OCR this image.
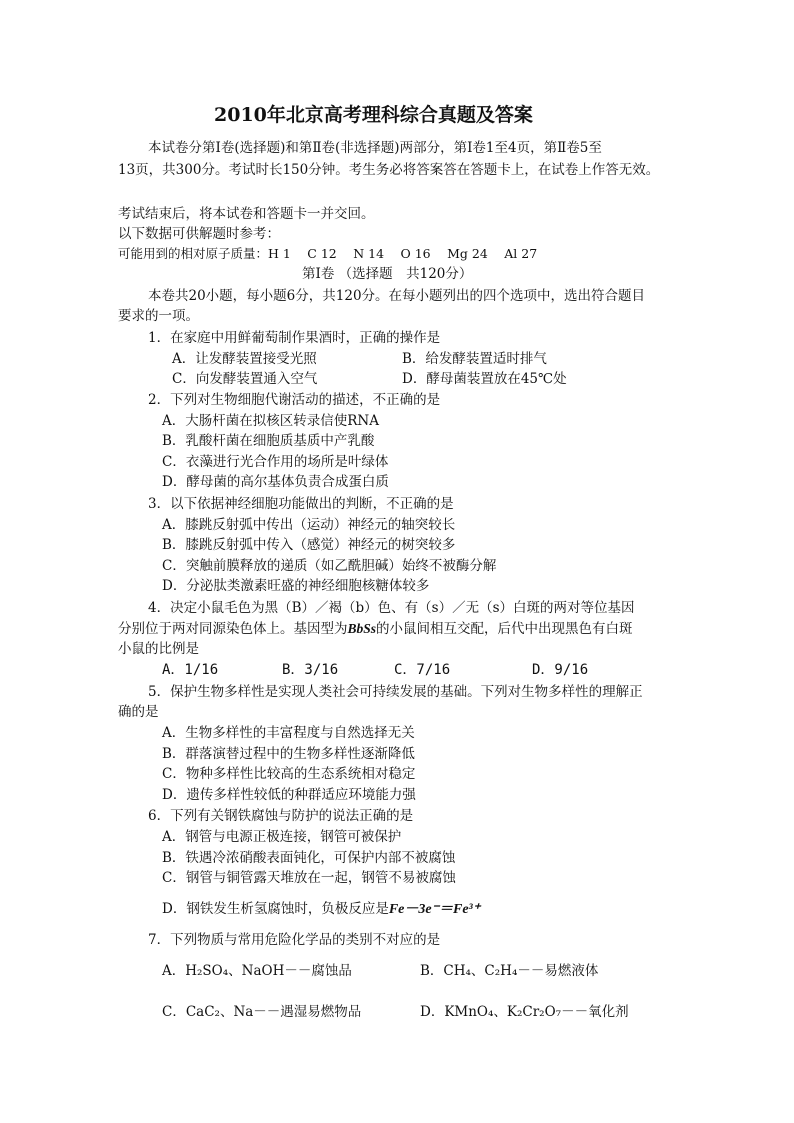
2010年北京高考理科综合真题及答案
本试卷分第Ⅰ卷(选择题)和第Ⅱ卷(非选择题)两部分，第Ⅰ卷1至4页，第Ⅱ卷5至
13页，共300分。考试时长150分钟。考生务必将答案答在答题卡上，在试卷上作答无效。
考试结束后，将本试卷和答题卡一并交回。
以下数据可供解题时参考：
可能用到的相对原子质量：H 1　 C 12　 N 14　 O 16　 Mg 24　 Al 27
第Ⅰ卷 （选择题　共120分）
本卷共20小题，每小题6分，共120分。在每小题列出的四个选项中，选出符合题目
要求的一项。
1．在家庭中用鲜葡萄制作果酒时，正确的操作是
A．让发酵装置接受光照	B．给发酵装置适时排气
C．向发酵装置通入空气	D．酵母菌装置放在45℃处
2．下列对生物细胞代谢活动的描述，不正确的是
A．大肠杆菌在拟核区转录信使RNA
B．乳酸杆菌在细胞质基质中产乳酸
C．衣藻进行光合作用的场所是叶绿体
D．酵母菌的高尔基体负责合成蛋白质
3．以下依据神经细胞功能做出的判断，不正确的是
A．膝跳反射弧中传出（运动）神经元的轴突较长
B．膝跳反射弧中传入（感觉）神经元的树突较多
C．突触前膜释放的递质（如乙酰胆碱）始终不被酶分解
D．分泌肽类激素旺盛的神经细胞核糖体较多
4．决定小鼠毛色为黑（B）／褐（b）色、有（s）／无（s）白斑的两对等位基因
分别位于两对同源染色体上。基因型为BbSs的小鼠间相互交配，后代中出现黑色有白斑
小鼠的比例是
A．1/16	B．3/16	C．7/16	D．9/16
5．保护生物多样性是实现人类社会可持续发展的基础。下列对生物多样性的理解正
确的是
A．生物多样性的丰富程度与自然选择无关
B．群落演替过程中的生物多样性逐渐降低
C．物种多样性比较高的生态系统相对稳定
D．遗传多样性较低的种群适应环境能力强
6．下列有关钢铁腐蚀与防护的说法正确的是
A．钢管与电源正极连接，钢管可被保护
B．铁遇冷浓硝酸表面钝化，可保护内部不被腐蚀
C．钢管与铜管露天堆放在一起，钢管不易被腐蚀
D．钢铁发生析氢腐蚀时，负极反应是Fe－3e⁻＝Fe³⁺
7．下列物质与常用危险化学品的类别不对应的是
A．H₂SO₄、NaOH－－腐蚀品	B．CH₄、C₂H₄－－易燃液体
C．CaC₂、Na－－遇湿易燃物品	D．KMnO₄、K₂Cr₂O₇－－氧化剂
